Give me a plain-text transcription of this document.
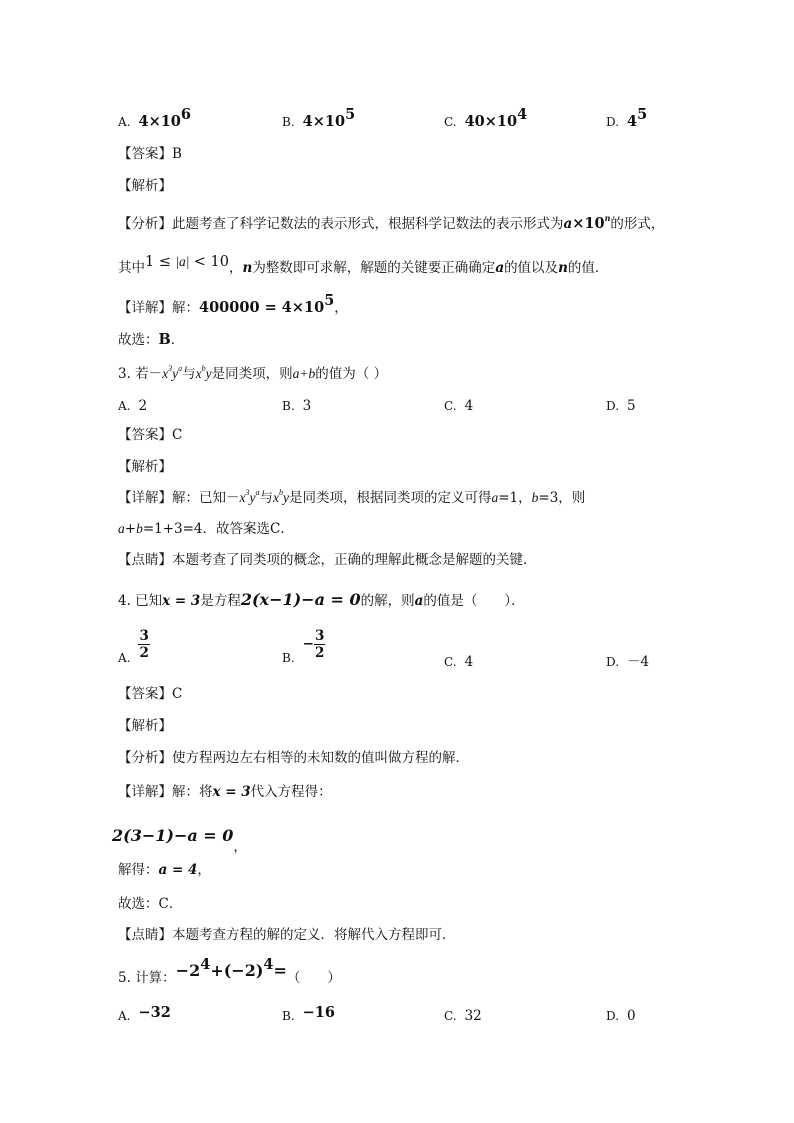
A. $4\times 10^6$	B. $4\times 10^5$	C. $40\times 10^4$	D. $4^5$
【答案】B
【解析】
【分析】此题考查了科学记数法的表示形式，根据科学记数法的表示形式为$a\times 10^n$的形式，
其中1 ≤ |a| < 10，n为整数即可求解，解题的关键要正确确定a的值以及n的值．
【详解】解：$400000 = 4\times 10^5$，
故选：B．
3. 若$-x^3y^a$与$x^by$是同类项，则a+b的值为（ ）
A. 2	B. 3	C. 4	D. 5
【答案】C
【解析】
【详解】解：已知$-x^3y^a$与$x^by$是同类项，根据同类项的定义可得a=1，b=3，则
a+b=1+3=4．故答案选C．
【点睛】本题考查了同类项的概念，正确的理解此概念是解题的关键．
4. 已知x = 3是方程2(x−1)−a = 0的解，则a的值是（　　）．
A. $\frac{3}{2}$	$B.- \frac{3}{2}$
C. 4	D. －4
【答案】C
【解析】
【分析】使方程两边左右相等的未知数的值叫做方程的解．
【详解】解：将x = 3代入方程得：
2(3−1)−a = 0，
解得：a = 4，
故选：C．
【点睛】本题考查方程的解的定义．将解代入方程即可．
5. 计算：$-2^4+(-2)^4=$（　　）
A. −32	B. −16	C. 32	D. 0
